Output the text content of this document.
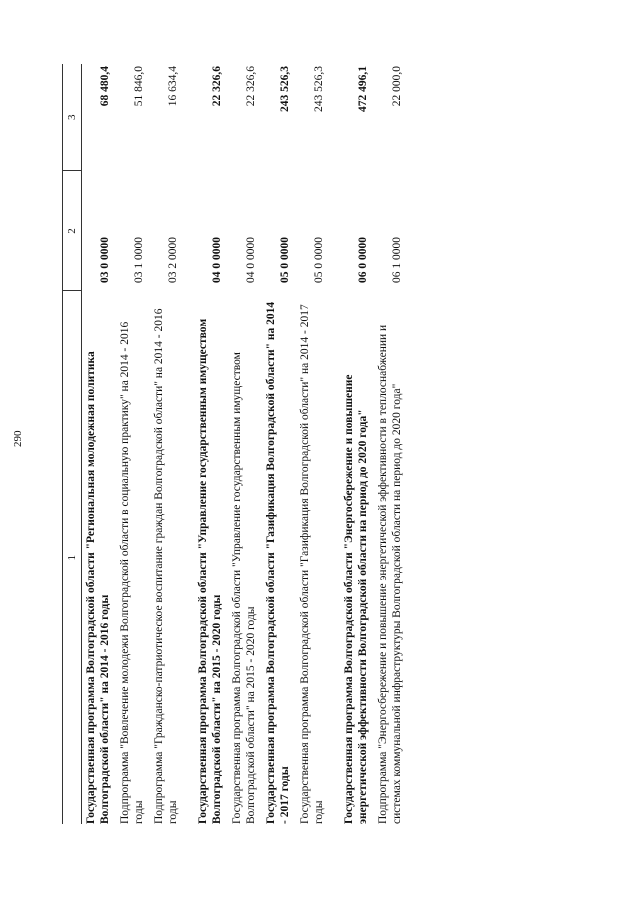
290
1	2	3
Государственная программа Волгоградской области "Региональная молодежная политика Волгоградской области" на 2014 - 2016 годы	03 0 0000	68 480,4
Подпрограмма "Вовлечение молодежи Волгоградской области в социальную практику" на 2014 - 2016 годы	03 1 0000	51 846,0
Подпрограмма "Гражданско-патриотическое воспитание граждан Волгоградской области" на 2014 - 2016 годы	03 2 0000	16 634,4
Государственная программа Волгоградской области "Управление государственным имуществом Волгоградской области" на 2015 - 2020 годы	04 0 0000	22 326,6
Государственная программа Волгоградской области "Управление государственным имуществом Волгоградской области" на 2015 - 2020 годы	04 0 0000	22 326,6
Государственная программа Волгоградской области "Газификация Волгоградской области" на 2014 - 2017 годы	05 0 0000	243 526,3
Государственная программа Волгоградской области "Газификация Волгоградской области" на 2014 - 2017 годы	05 0 0000	243 526,3
Государственная программа Волгоградской области "Энергосбережение и повышение энергетической эффективности Волгоградской области на период до 2020 года"	06 0 0000	472 496,1
Подпрограмма "Энергосбережение и повышение энергетической эффективности в теплоснабжении и системах коммунальной инфраструктуры Волгоградской области на период до 2020 года"	06 1 0000	22 000,0
